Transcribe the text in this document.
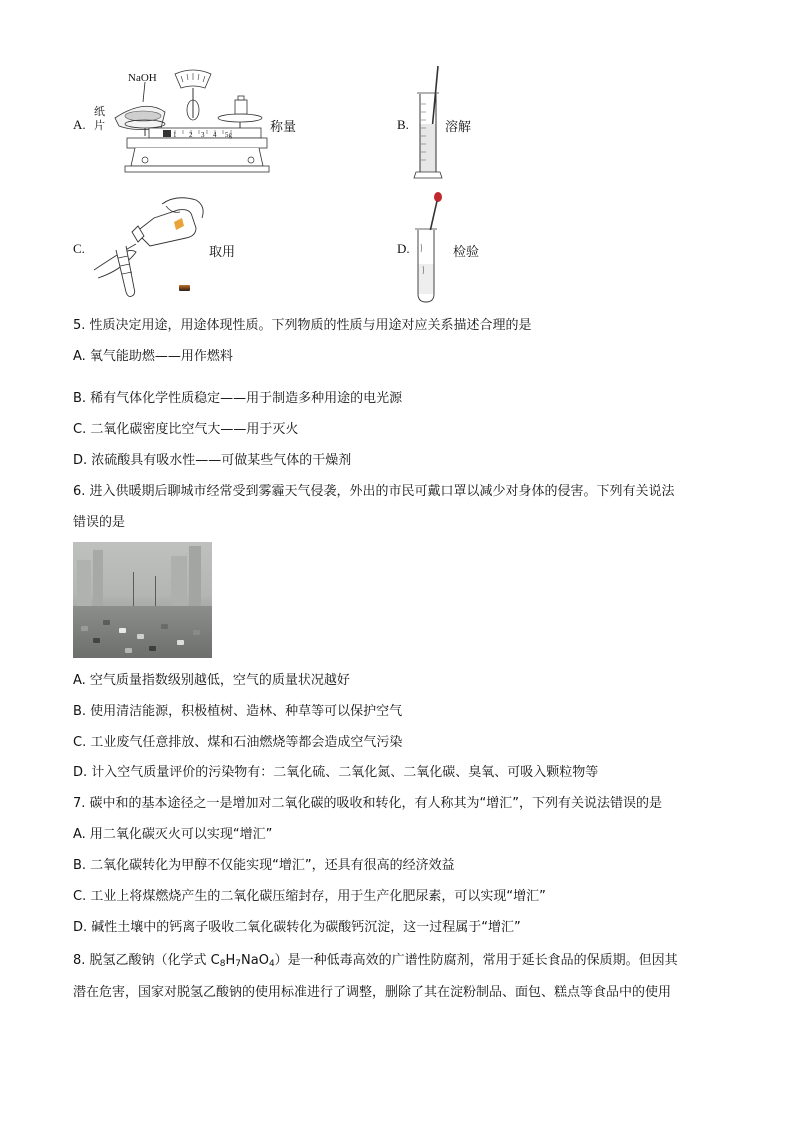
A.
NaOH
纸
片
1 2 3 4 5g	称量	B.	溶解
C.	取用	D.	检验
5. 性质决定用途，用途体现性质。下列物质的性质与用途对应关系描述合理的是
A. 氧气能助燃——用作燃料
B. 稀有气体化学性质稳定——用于制造多种用途的电光源
C. 二氧化碳密度比空气大——用于灭火
D. 浓硫酸具有吸水性——可做某些气体的干燥剂
6. 进入供暖期后聊城市经常受到雾霾天气侵袭，外出的市民可戴口罩以减少对身体的侵害。下列有关说法
错误的是
A. 空气质量指数级别越低，空气的质量状况越好
B. 使用清洁能源，积极植树、造林、种草等可以保护空气
C. 工业废气任意排放、煤和石油燃烧等都会造成空气污染
D. 计入空气质量评价的污染物有：二氧化硫、二氧化氮、二氧化碳、臭氧、可吸入颗粒物等
7. 碳中和的基本途径之一是增加对二氧化碳的吸收和转化，有人称其为“增汇”，下列有关说法错误的是
A. 用二氧化碳灭火可以实现“增汇”
B. 二氧化碳转化为甲醇不仅能实现“增汇”，还具有很高的经济效益
C. 工业上将煤燃烧产生的二氧化碳压缩封存，用于生产化肥尿素，可以实现“增汇”
D. 碱性土壤中的钙离子吸收二氧化碳转化为碳酸钙沉淀，这一过程属于“增汇”
8. 脱氢乙酸钠（化学式 $C_8H_7NaO_4$）是一种低毒高效的广谱性防腐剂，常用于延长食品的保质期。但因其
潜在危害，国家对脱氢乙酸钠的使用标准进行了调整，删除了其在淀粉制品、面包、糕点等食品中的使用
